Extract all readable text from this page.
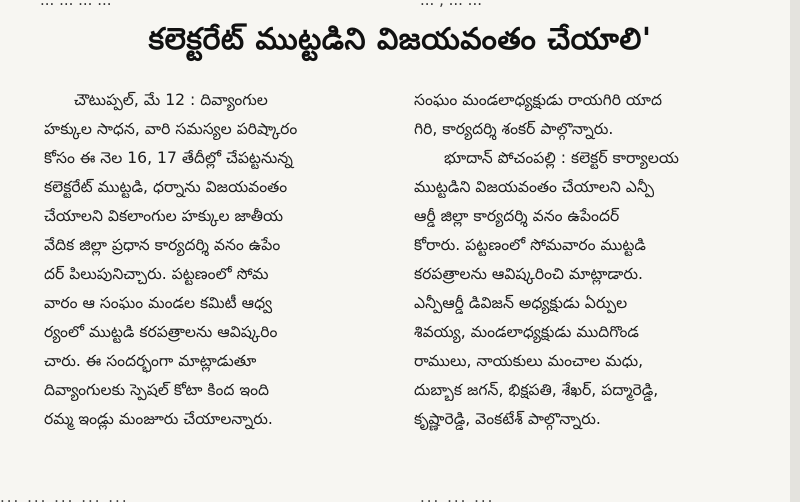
... ... ... ...	... , ... ...
కలెక్టరేట్ ముట్టడిని విజయవంతం చేయాలి'
చౌటుప్పల్, మే 12 : దివ్యాంగుల
హక్కుల సాధన, వారి సమస్యల పరిష్కారం
కోసం ఈ నెల 16, 17 తేదీల్లో చేపట్టనున్న
కలెక్టరేట్ ముట్టడి, ధర్నాను విజయవంతం
చేయాలని వికలాంగుల హక్కుల జాతీయ
వేదిక జిల్లా ప్రధాన కార్యదర్శి వనం ఉపేం
దర్ పిలుపునిచ్చారు. పట్టణంలో సోమ
వారం ఆ సంఘం మండల కమిటీ ఆధ్వ
ర్యంలో ముట్టడి కరపత్రాలను ఆవిష్కరిం
చారు. ఈ సందర్భంగా మాట్లాడుతూ
దివ్యాంగులకు స్పెషల్ కోటా కింద ఇంది
రమ్మ ఇండ్లు మంజూరు చేయాలన్నారు.
సంఘం మండలాధ్యక్షుడు రాయగిరి యాద
గిరి, కార్యదర్శి శంకర్ పాల్గొన్నారు.
భూదాన్ పోచంపల్లి : కలెక్టర్ కార్యాలయ
ముట్టడిని విజయవంతం చేయాలని ఎన్పీ
ఆర్డీ జిల్లా కార్యదర్శి వనం ఉపేందర్
కోరారు. పట్టణంలో సోమవారం ముట్టడి
కరపత్రాలను ఆవిష్కరించి మాట్లాడారు.
ఎన్పీఆర్డీ డివిజన్ అధ్యక్షుడు ఏర్పుల
శివయ్య, మండలాధ్యక్షుడు ముదిగొండ
రాములు, నాయకులు మంచాల మధు,
దుబ్బాక జగన్, భిక్షపతి, శేఖర్, పద్మారెడ్డి,
కృష్ణారెడ్డి, వెంకటేశ్ పాల్గొన్నారు.
... ... ... ... ...	... ... ...
